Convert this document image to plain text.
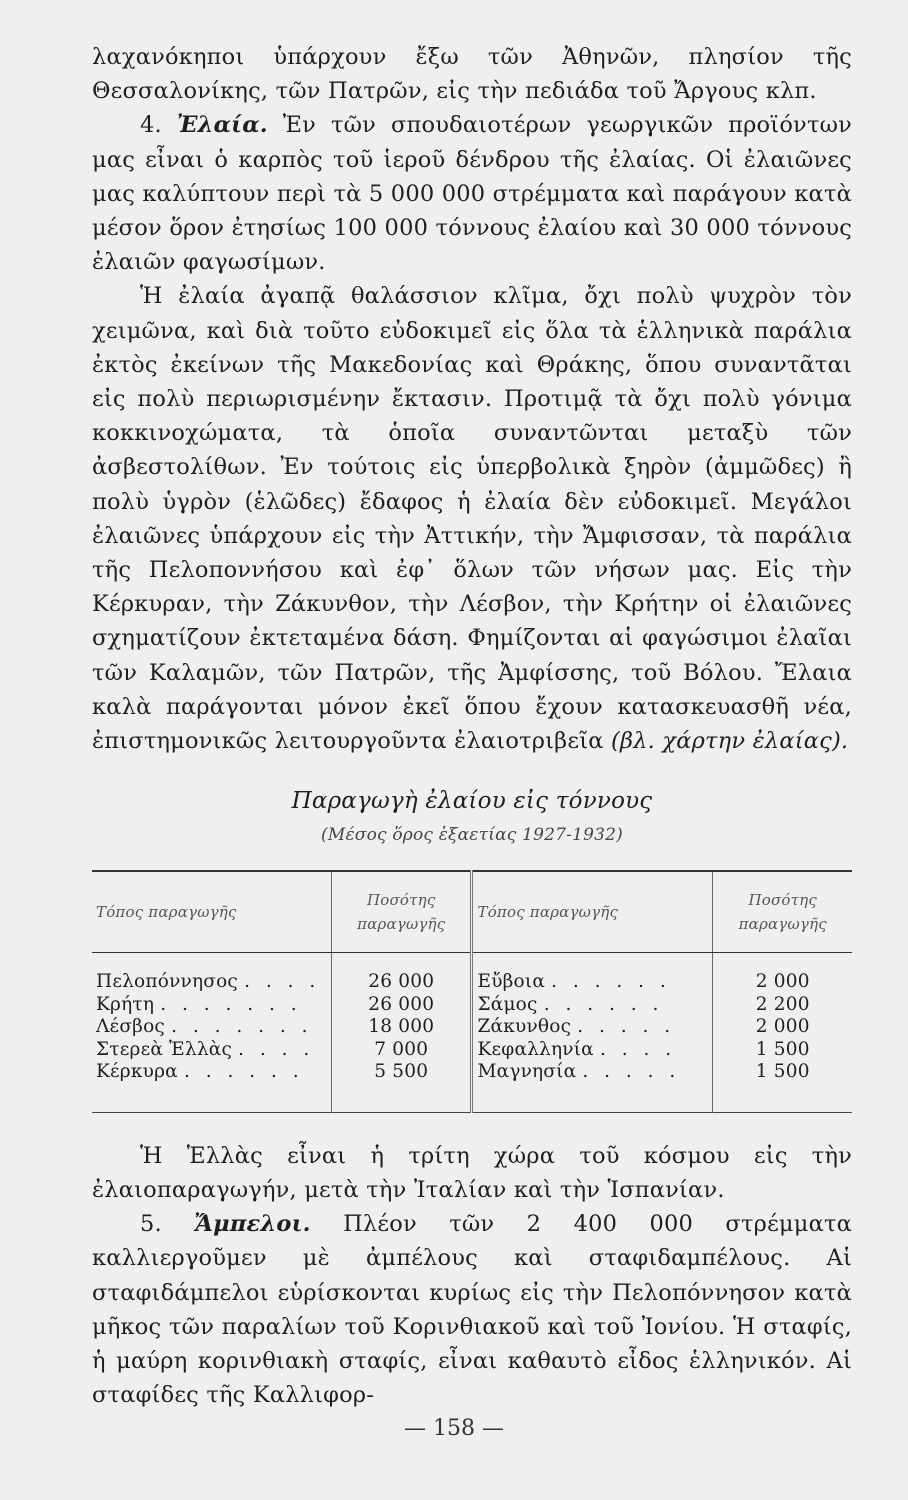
λαχανόκηποι ὑπάρχουν ἔξω τῶν Ἀθηνῶν, πλησίον τῆς Θεσσαλονίκης, τῶν Πατρῶν, εἰς τὴν πεδιάδα τοῦ Ἄργους κλπ.

4. Ἐλαία. Ἐν τῶν σπουδαιοτέρων γεωργικῶν προϊόντων μας εἶναι ὁ καρπὸς τοῦ ἱεροῦ δένδρου τῆς ἐλαίας. Οἱ ἐλαιῶνες μας καλύπτουν περὶ τὰ 5 000 000 στρέμματα καὶ παράγουν κατὰ μέσον ὅρον ἐτησίως 100 000 τόννους ἐλαίου καὶ 30 000 τόννους ἐλαιῶν φαγωσίμων.

Ἡ ἐλαία ἀγαπᾷ θαλάσσιον κλῖμα, ὄχι πολὺ ψυχρὸν τὸν χειμῶνα, καὶ διὰ τοῦτο εὐδοκιμεῖ εἰς ὅλα τὰ ἑλληνικὰ παράλια ἐκτὸς ἐκείνων τῆς Μακεδονίας καὶ Θράκης, ὅπου συναντᾶται εἰς πολὺ περιωρισμένην ἔκτασιν. Προτιμᾷ τὰ ὄχι πολὺ γόνιμα κοκκινοχώματα, τὰ ὁποῖα συναντῶνται μεταξὺ τῶν ἀσβεστολίθων. Ἐν τούτοις εἰς ὑπερβολικὰ ξηρὸν (ἀμμῶδες) ἢ πολὺ ὑγρὸν (ἑλῶδες) ἔδαφος ἡ ἐλαία δὲν εὐδοκιμεῖ. Μεγάλοι ἐλαιῶνες ὑπάρχουν εἰς τὴν Ἀττικήν, τὴν Ἄμφισσαν, τὰ παράλια τῆς Πελοποννήσου καὶ ἐφ᾽ ὅλων τῶν νήσων μας. Εἰς τὴν Κέρκυραν, τὴν Ζάκυνθον, τὴν Λέσβον, τὴν Κρήτην οἱ ἐλαιῶνες σχηματίζουν ἐκτεταμένα δάση. Φημίζονται αἱ φαγώσιμοι ἐλαῖαι τῶν Καλαμῶν, τῶν Πατρῶν, τῆς Ἀμφίσσης, τοῦ Βόλου. Ἔλαια καλὰ παράγονται μόνον ἐκεῖ ὅπου ἔχουν κατασκευασθῆ νέα, ἐπιστημονικῶς λειτουργοῦντα ἐλαιοτριβεῖα (βλ. χάρτην ἐλαίας).

Παραγωγὴ ἐλαίου εἰς τόννους
(Μέσος ὅρος ἑξαετίας 1927-1932)
Τόπος παραγωγῆς	Ποσότης παραγωγῆς	Τόπος παραγωγῆς	Ποσότης παραγωγῆς
Πελοπόννησος . . . .	26 000	Εὔβοια . . . . . .	2 000
Κρήτη . . . . . . .	26 000	Σάμος . . . . . .	2 200
Λέσβος . . . . . . .	18 000	Ζάκυνθος . . . . .	2 000
Στερεὰ Ἑλλὰς . . . .	7 000	Κεφαλληνία . . . .	1 500
Κέρκυρα . . . . . .	5 500	Μαγνησία . . . . .	1 500

Ἡ Ἑλλὰς εἶναι ἡ τρίτη χώρα τοῦ κόσμου εἰς τὴν ἐλαιοπαραγωγήν, μετὰ τὴν Ἰταλίαν καὶ τὴν Ἱσπανίαν.

5. Ἄμπελοι. Πλέον τῶν 2 400 000 στρέμματα καλλιεργοῦμεν μὲ ἀμπέλους καὶ σταφιδαμπέλους. Αἱ σταφιδάμπελοι εὑρίσκονται κυρίως εἰς τὴν Πελοπόννησον κατὰ μῆκος τῶν παραλίων τοῦ Κορινθιακοῦ καὶ τοῦ Ἰονίου. Ἡ σταφίς, ἡ μαύρη κορινθιακὴ σταφίς, εἶναι καθαυτὸ εἶδος ἑλληνικόν. Αἱ σταφίδες τῆς Καλλιφορ-

— 158 —
